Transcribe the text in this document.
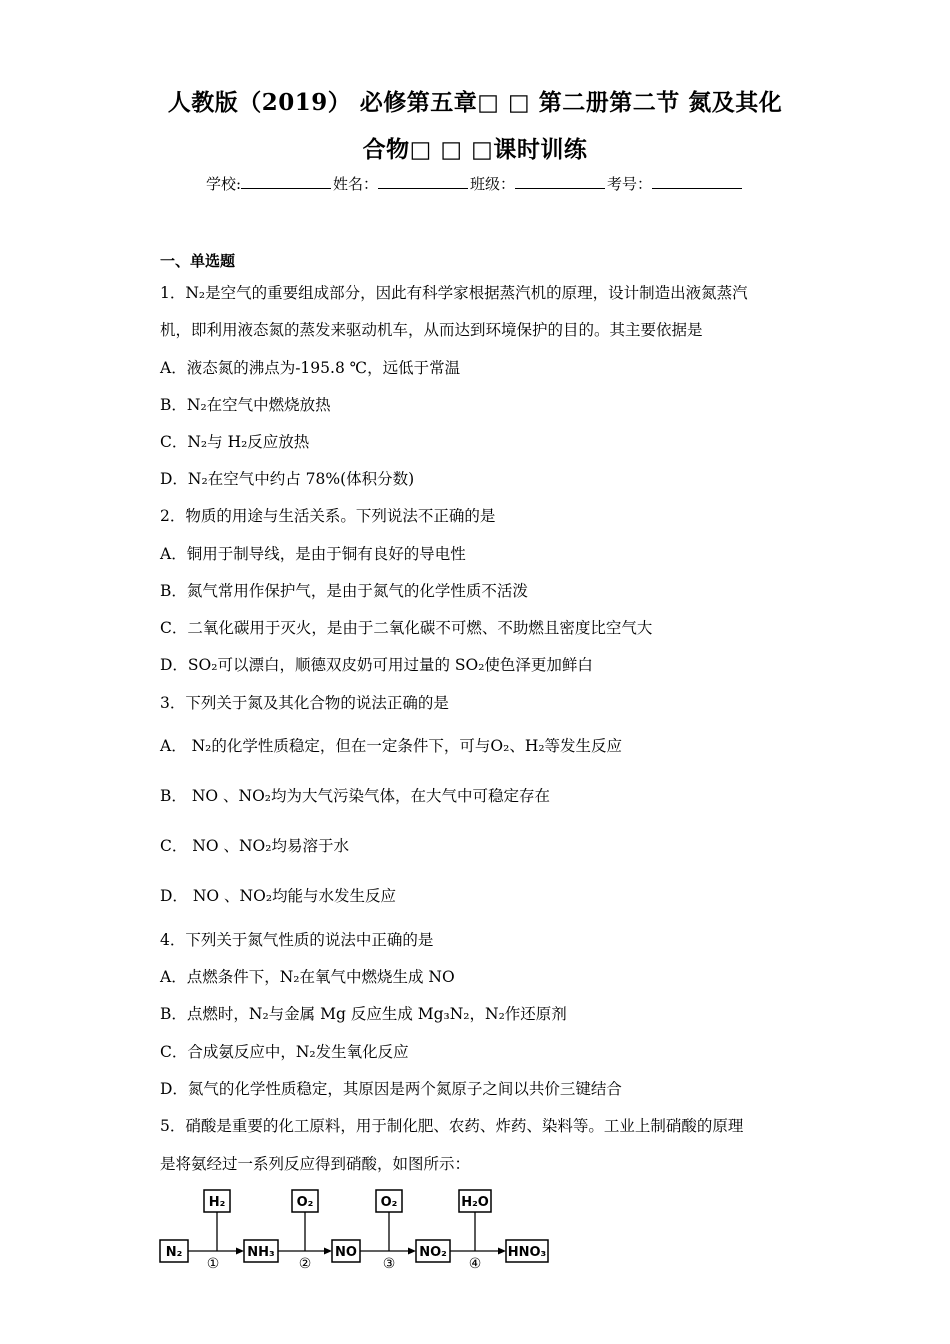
人教版（2019） 必修第五章□ □ 第二册第二节 氮及其化
合物□ □ □课时训练
学校:	姓名：	班级：	考号：
一、单选题
1．N₂是空气的重要组成部分，因此有科学家根据蒸汽机的原理，设计制造出液氮蒸汽
机，即利用液态氮的蒸发来驱动机车，从而达到环境保护的目的。其主要依据是
A．液态氮的沸点为-195.8 ℃，远低于常温
B．N₂在空气中燃烧放热
C．N₂与 H₂反应放热
D．N₂在空气中约占 78%(体积分数)
2．物质的用途与生活关系。下列说法不正确的是
A．铜用于制导线，是由于铜有良好的导电性
B．氮气常用作保护气，是由于氮气的化学性质不活泼
C．二氧化碳用于灭火，是由于二氧化碳不可燃、不助燃且密度比空气大
D．SO₂可以漂白，顺德双皮奶可用过量的 SO₂使色泽更加鲜白
3．下列关于氮及其化合物的说法正确的是
A． N₂的化学性质稳定，但在一定条件下，可与O₂、H₂等发生反应
B． NO 、NO₂均为大气污染气体，在大气中可稳定存在
C． NO 、NO₂均易溶于水
D． NO 、NO₂均能与水发生反应
4．下列关于氮气性质的说法中正确的是
A．点燃条件下，N₂在氧气中燃烧生成 NO
B．点燃时，N₂与金属 Mg 反应生成 Mg₃N₂，N₂作还原剂
C．合成氨反应中，N₂发生氧化反应
D．氮气的化学性质稳定，其原因是两个氮原子之间以共价三键结合
5．硝酸是重要的化工原料，用于制化肥、农药、炸药、染料等。工业上制硝酸的原理
是将氨经过一系列反应得到硝酸，如图所示：
N₂	NH₃	NO	NO₂	HNO₃
H₂	O₂	O₂	H₂O
①	②	③	④
